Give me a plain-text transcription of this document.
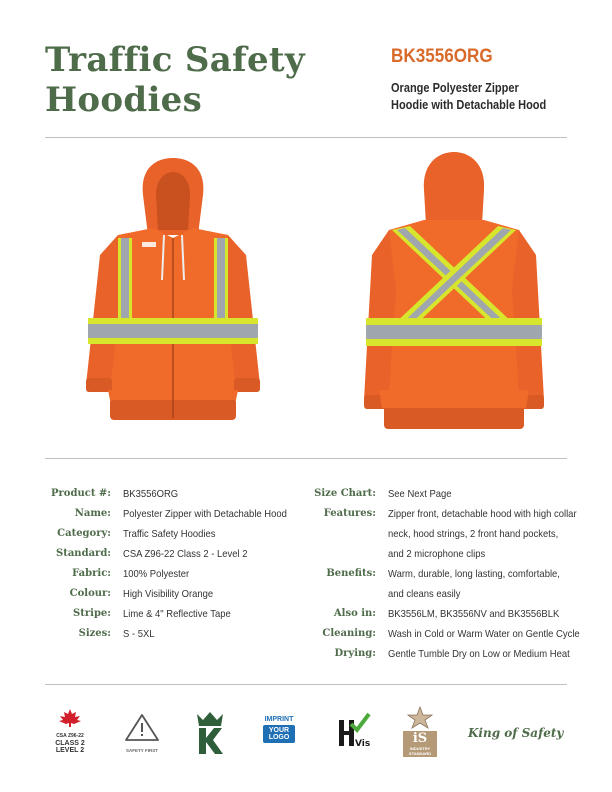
Traffic Safety Hoodies
BK3556ORG
Orange Polyester Zipper Hoodie with Detachable Hood
Product #: BK3556ORG
Name: Polyester Zipper with Detachable Hood
Category: Traffic Safety Hoodies
Standard: CSA Z96-22 Class 2 - Level 2
Fabric: 100% Polyester
Colour: High Visibility Orange
Stripe: Lime & 4" Reflective Tape
Sizes: S - 5XL
Size Chart: See Next Page
Features: Zipper front, detachable hood with high collar
neck, hood strings, 2 front hand pockets,
and 2 microphone clips
Benefits: Warm, durable, long lasting, comfortable,
and cleans easily
Also in: BK3556LM, BK3556NV and BK3556BLK
Cleaning: Wash in Cold or Warm Water on Gentle Cycle
Drying: Gentle Tumble Dry on Low or Medium Heat
CSA Z96-22
CLASS 2
LEVEL 2	SAFETY FIRST
IMPRINT
YOUR
LOGO
Vis	iS
INDUSTRY
STANDARD
King of Safety
